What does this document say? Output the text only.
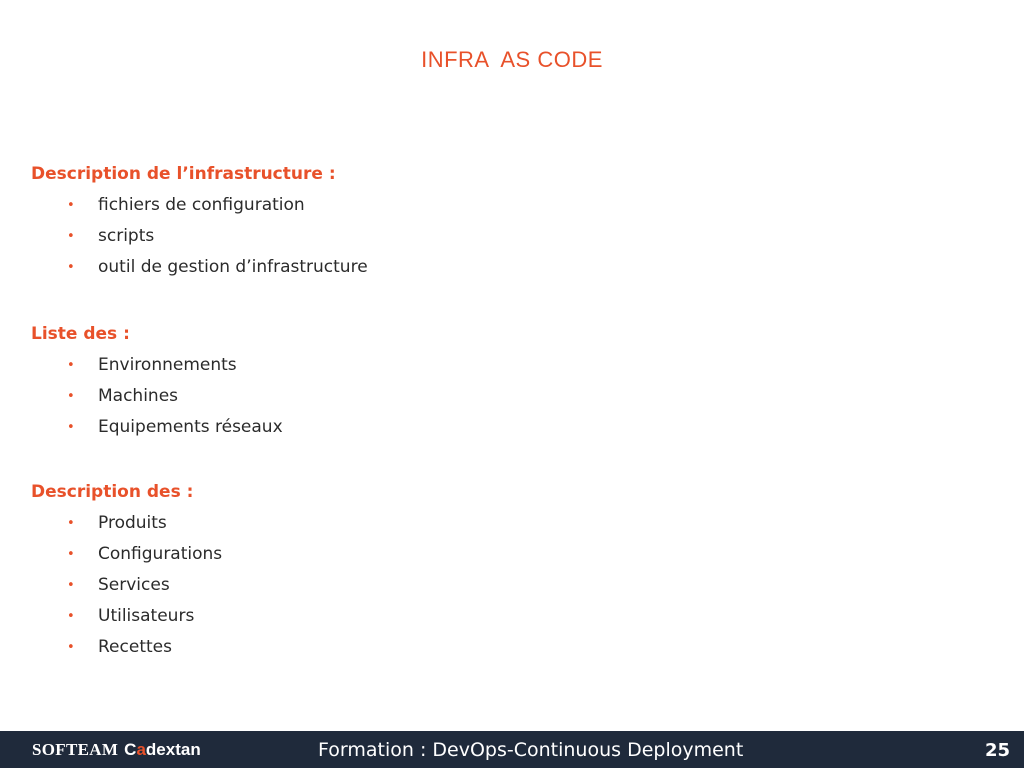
INFRA  AS CODE
Description de l’infrastructure :
• fichiers de configuration
• scripts
• outil de gestion d’infrastructure
Liste des :
• Environnements
• Machines
• Equipements réseaux
Description des :
• Produits
• Configurations
• Services
• Utilisateurs
• Recettes
SOFTEAM Cadextan	Formation : DevOps-Continuous Deployment	25
